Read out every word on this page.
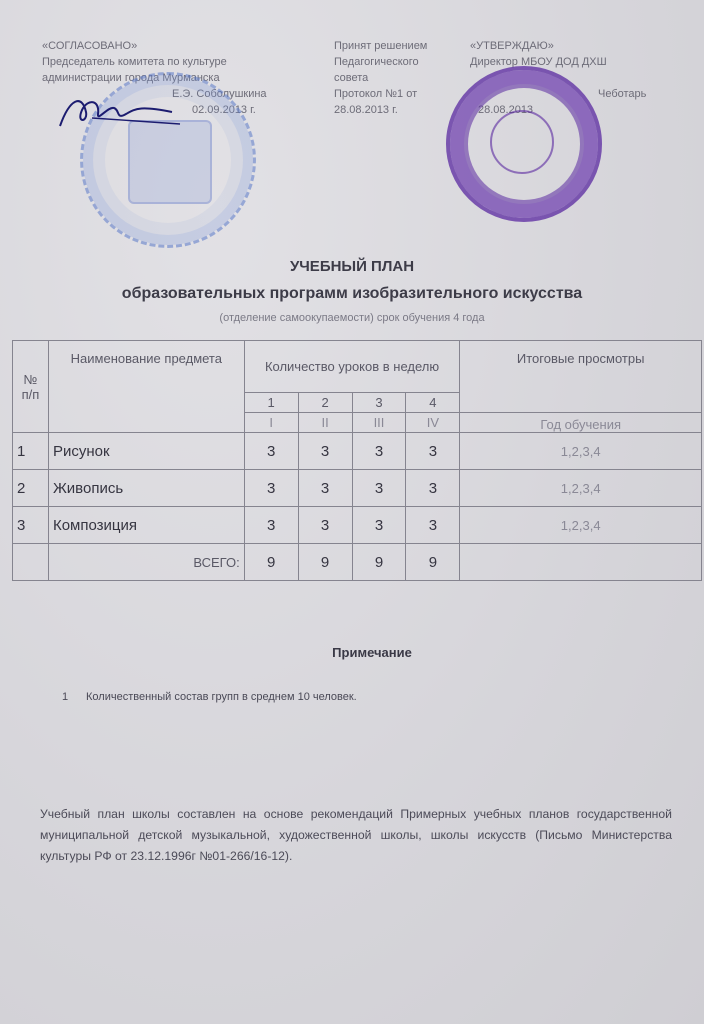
«СОГЛАСОВАНО»
Председатель комитета по культуре
администрации города Мурманска
Е.Э. Соболушкина
02.09.2013 г.
Принят решением
Педагогического
совета
Протокол №1 от
28.08.2013 г.
«УТВЕРЖДАЮ»
Директор МБОУ ДОД ДХШ
Чеботарь
28.08.2013
УЧЕБНЫЙ ПЛАН
образовательных программ изобразительного искусства
(отделение самоокупаемости) срок обучения 4 года
№ п/п	Наименование предмета	Количество уроков в неделю				Итоговые просмотры
		1	2	3	4	
		I	II	III	IV	Год обучения
1	Рисунок	3	3	3	3	1,2,3,4
2	Живопись	3	3	3	3	1,2,3,4
3	Композиция	3	3	3	3	1,2,3,4
	ВСЕГО:	9	9	9	9	
Примечание
1 Количественный состав групп в среднем 10 человек.
Учебный план школы составлен на основе рекомендаций Примерных учебных планов государственной муниципальной детской музыкальной, художественной школы, школы искусств (Письмо Министерства культуры РФ от 23.12.1996г №01-266/16-12).
